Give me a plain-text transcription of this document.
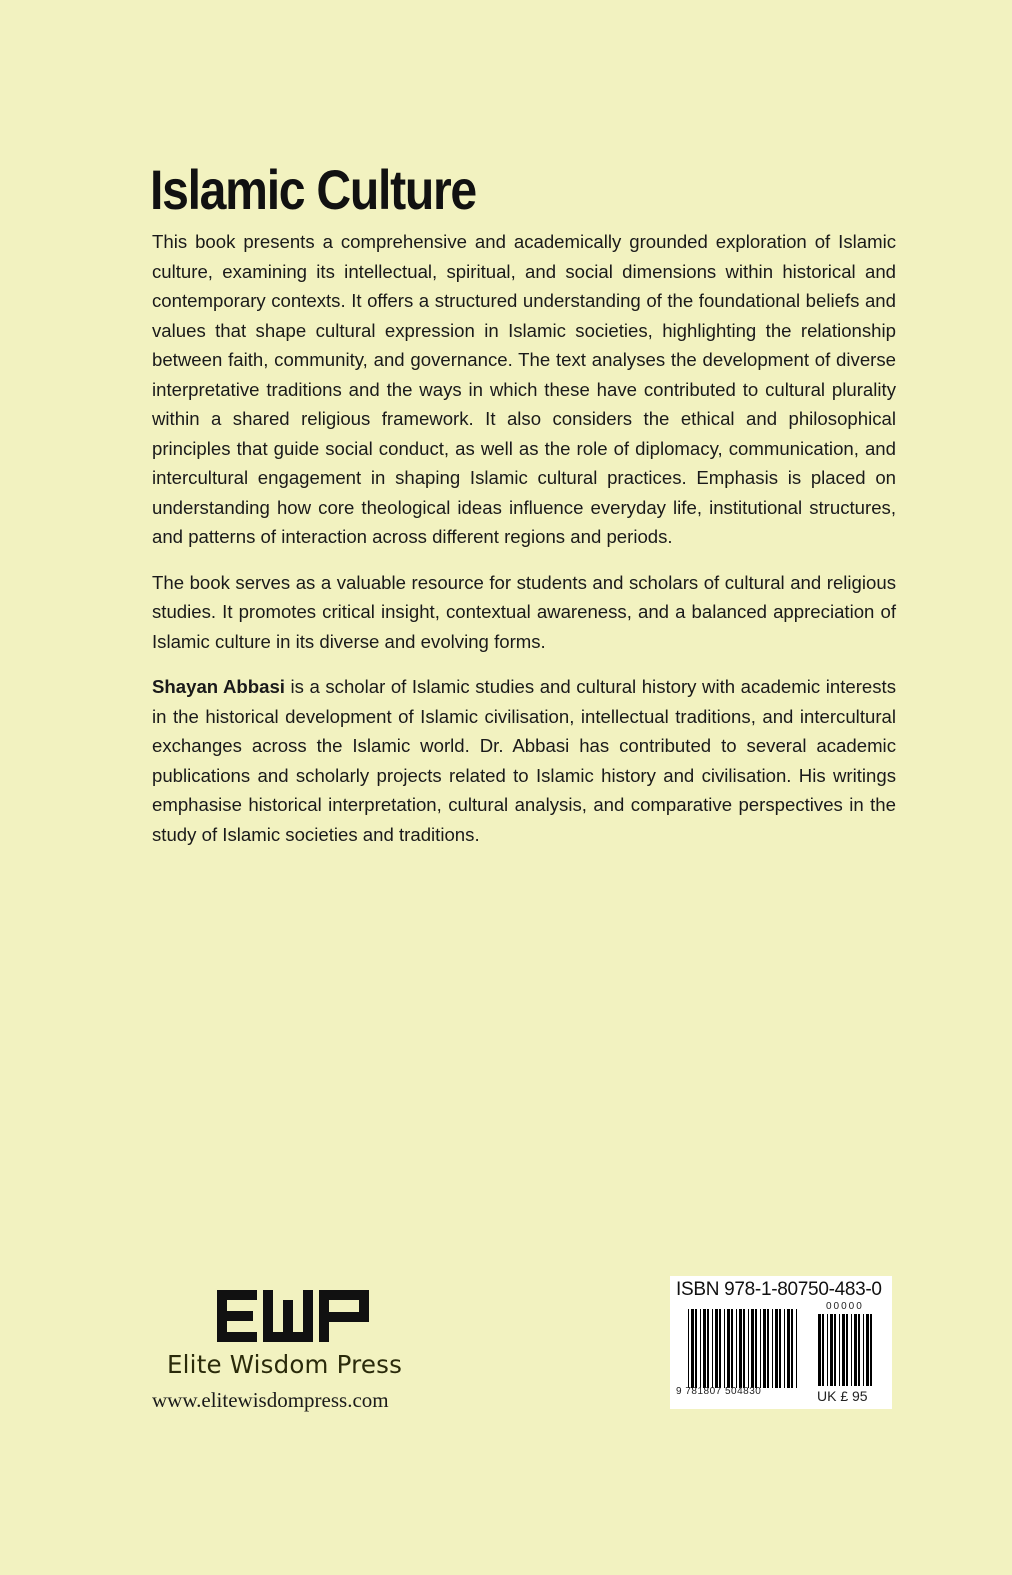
Islamic Culture

This book presents a comprehensive and academically grounded exploration of Islamic culture, examining its intellectual, spiritual, and social dimensions within historical and contemporary contexts. It offers a structured understanding of the foundational beliefs and values that shape cultural expression in Islamic societies, highlighting the relationship between faith, community, and governance. The text analyses the development of diverse interpretative traditions and the ways in which these have contributed to cultural plurality within a shared religious framework. It also considers the ethical and philosophical principles that guide social conduct, as well as the role of diplomacy, communication, and intercultural engagement in shaping Islamic cultural practices. Emphasis is placed on understanding how core theological ideas influence everyday life, institutional structures, and patterns of interaction across different regions and periods.

The book serves as a valuable resource for students and scholars of cultural and religious studies. It promotes critical insight, contextual awareness, and a balanced appreciation of Islamic culture in its diverse and evolving forms.

Shayan Abbasi is a scholar of Islamic studies and cultural history with academic interests in the historical development of Islamic civilisation, intellectual traditions, and intercultural exchanges across the Islamic world. Dr. Abbasi has contributed to several academic publications and scholarly projects related to Islamic history and civilisation. His writings emphasise historical interpretation, cultural analysis, and comparative perspectives in the study of Islamic societies and traditions.

Elite Wisdom Press
www.elitewisdompress.com
ISBN 978-1-80750-483-0
00000
9 781807 504830	UK £ 95
